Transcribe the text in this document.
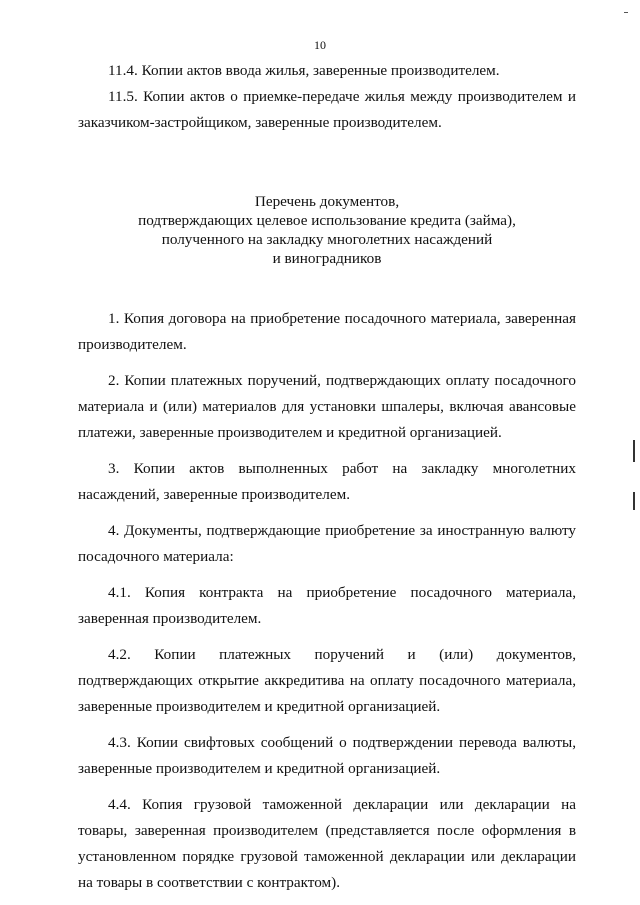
10

11.4. Копии актов ввода жилья, заверенные производителем.

11.5. Копии актов о приемке-передаче жилья между производителем и заказчиком-застройщиком, заверенные производителем.

Перечень документов,
подтверждающих целевое использование кредита (займа),
полученного на закладку многолетних насаждений
и виноградников

1. Копия договора на приобретение посадочного материала, заверенная производителем.

2. Копии платежных поручений, подтверждающих оплату посадочного материала и (или) материалов для установки шпалеры, включая авансовые платежи, заверенные производителем и кредитной организацией.

3. Копии актов выполненных работ на закладку многолетних насаждений, заверенные производителем.

4. Документы, подтверждающие приобретение за иностранную валюту посадочного материала:

4.1. Копия контракта на приобретение посадочного материала, заверенная производителем.

4.2. Копии платежных поручений и (или) документов, подтверждающих открытие аккредитива на оплату посадочного материала, заверенные производителем и кредитной организацией.

4.3. Копии свифтовых сообщений о подтверждении перевода валюты, заверенные производителем и кредитной организацией.

4.4. Копия грузовой таможенной декларации или декларации на товары, заверенная производителем (представляется после оформления в установленном порядке грузовой таможенной декларации или декларации на товары в соответствии с контрактом).
